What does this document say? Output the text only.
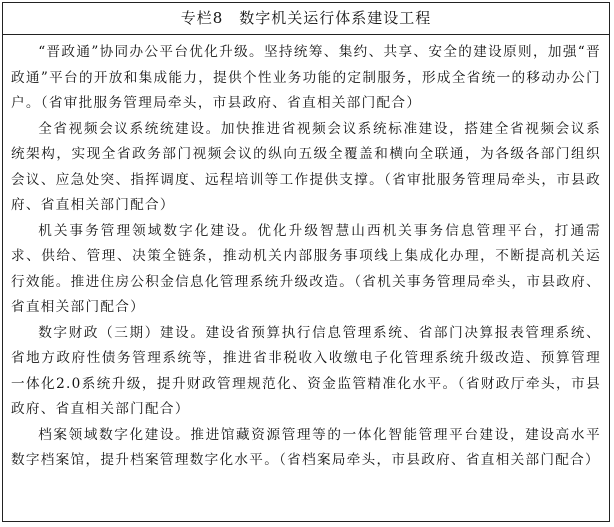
专栏8　数字机关运行体系建设工程

“晋政通”协同办公平台优化升级。坚持统筹、集约、共享、安全的建设原则，加强“晋政通”平台的开放和集成能力，提供个性业务功能的定制服务，形成全省统一的移动办公门户。（省审批服务管理局牵头，市县政府、省直相关部门配合）

全省视频会议系统统建设。加快推进省视频会议系统标准建设，搭建全省视频会议系统架构，实现全省政务部门视频会议的纵向五级全覆盖和横向全联通，为各级各部门组织会议、应急处突、指挥调度、远程培训等工作提供支撑。（省审批服务管理局牵头，市县政府、省直相关部门配合）

机关事务管理领域数字化建设。优化升级智慧山西机关事务信息管理平台，打通需求、供给、管理、决策全链条，推动机关内部服务事项线上集成化办理，不断提高机关运行效能。推进住房公积金信息化管理系统升级改造。（省机关事务管理局牵头，市县政府、省直相关部门配合）

数字财政（三期）建设。建设省预算执行信息管理系统、省部门决算报表管理系统、省地方政府性债务管理系统等，推进省非税收入收缴电子化管理系统升级改造、预算管理一体化2.0系统升级，提升财政管理规范化、资金监管精准化水平。（省财政厅牵头，市县政府、省直相关部门配合）

档案领域数字化建设。推进馆藏资源管理等的一体化智能管理平台建设，建设高水平数字档案馆，提升档案管理数字化水平。（省档案局牵头，市县政府、省直相关部门配合）
